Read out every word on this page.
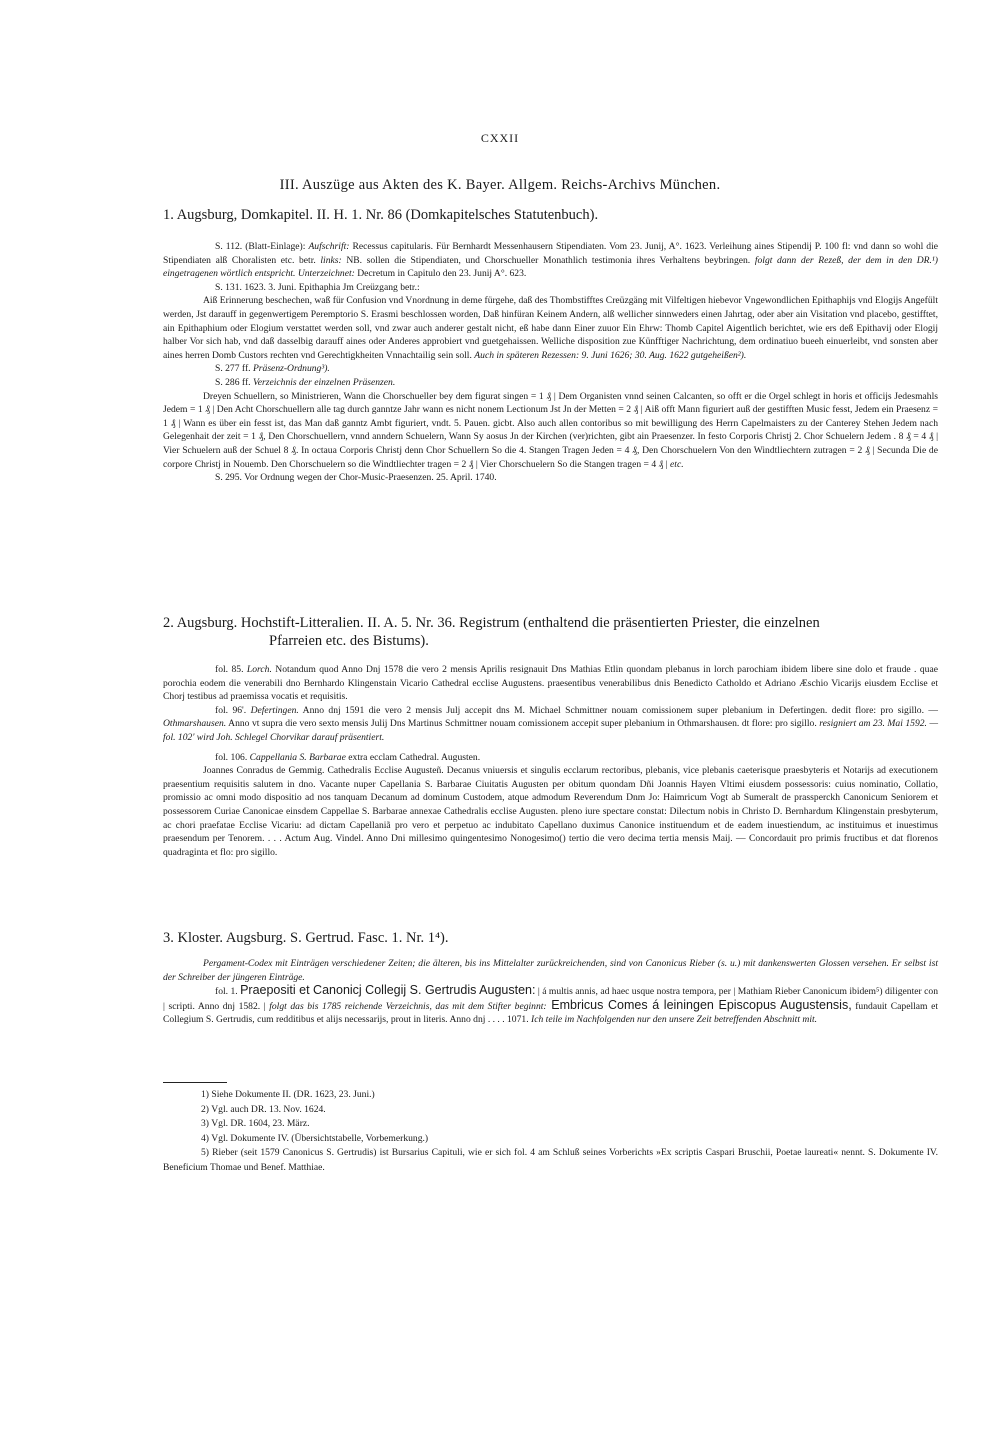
CXXII
III. Auszüge aus Akten des K. Bayer. Allgem. Reichs-Archivs München.
1. Augsburg, Domkapitel. II. H. 1. Nr. 86 (Domkapitelsches Statutenbuch).

S. 112. (Blatt-Einlage): Aufschrift: Recessus capitularis. Für Bernhardt Messenhausern Stipendiaten. Vom 23. Junij, A°. 1623. Verleihung aines Stipendij P. 100 fl: vnd dann so wohl die Stipendiaten alß Choralisten etc. betr. links: NB. sollen die Stipendiaten, und Chorschueller Monathlich testimonia ihres Verhaltens beybringen. folgt dann der Rezeß, der dem in den DR.¹) eingetragenen wörtlich entspricht. Unterzeichnet: Decretum in Capitulo den 23. Junij A°. 623.

S. 131. 1623. 3. Juni. Epithaphia Jm Creüzgang betr.:

Aiß Erinnerung beschechen, waß für Confusion vnd Vnordnung in deme fürgehe, daß des Thombstifftes Creüzgäng mit Vilfeltigen hiebevor Vngewondlichen Epithaphijs vnd Elogijs Angefült werden, Jst darauff in gegenwertigem Peremptorio S. Erasmi beschlossen worden, Daß hinfüran Keinem Andern, alß wellicher sinnweders einen Jahrtag, oder aber ain Visitation vnd placebo, gestifftet, ain Epithaphium oder Elogium verstattet werden soll, vnd zwar auch anderer gestalt nicht, eß habe dann Einer zuuor Ein Ehrw: Thomb Capitel Aigentlich berichtet, wie ers deß Epithavij oder Elogij halber Vor sich hab, vnd daß dasselbig darauff aines oder Anderes approbiert vnd guetgehaissen. Welliche disposition zue Künfftiger Nachrichtung, dem ordinatiuo bueeh einuerleibt, vnd sonsten aber aines herren Domb Custors rechten vnd Gerechtigkheiten Vnnachtailig sein soll. Auch in späteren Rezessen: 9. Juni 1626; 30. Aug. 1622 gutgeheißen²).

S. 277 ff. Präsenz-Ordnung³).

S. 286 ff. Verzeichnis der einzelnen Präsenzen.

Dreyen Schuellern, so Ministrieren, Wann die Chorschueller bey dem figurat singen = 1 ₰ | Dem Organisten vnnd seinen Calcanten, so offt er die Orgel schlegt in horis et officijs Jedesmahls Jedem = 1 ₰ | Den Acht Chorschuellern alle tag durch ganntze Jahr wann es nicht nonem Lectionum Jst Jn der Metten = 2 ₰ | Aiß offt Mann figuriert auß der gestifften Music fesst, Jedem ein Praesenz = 1 ₰ | Wann es über ein fesst ist, das Man daß ganntz Ambt figuriert, vndt. 5. Pauen. gicbt. Also auch allen contoribus so mit bewilligung des Herrn Capelmaisters zu der Canterey Stehen Jedem nach Gelegenhait der zeit = 1 ₰, Den Chorschuellern, vnnd anndern Schuelern, Wann Sy aosus Jn der Kirchen (ver)richten, gibt ain Praesenzer. In festo Corporis Christj 2. Chor Schuelern Jedem . 8 ₰ = 4 ₰ | Vier Schuelern auß der Schuel 8 ₰. In octaua Corporis Christj denn Chor Schuellern So die 4. Stangen Tragen Jeden = 4 ₰, Den Chorschuelern Von den Windtliechtern zutragen = 2 ₰ | Secunda Die de corpore Christj in Nouemb. Den Chorschuelern so die Windtliechter tragen = 2 ₰ | Vier Chorschuelern So die Stangen tragen = 4 ₰ | etc.

S. 295. Vor Ordnung wegen der Chor-Music-Praesenzen. 25. April. 1740.

2. Augsburg. Hochstift-Litteralien. II. A. 5. Nr. 36. Registrum (enthaltend die präsentierten Priester, die einzelnen
Pfarreien etc. des Bistums).

fol. 85. Lorch. Notandum quod Anno Dnj 1578 die vero 2 mensis Aprilis resignauit Dns Mathias Etlin quondam plebanus in lorch parochiam ibidem libere sine dolo et fraude . quae porochia eodem die venerabili dno Bernhardo Klingenstain Vicario Cathedral ecclise Augustens. praesentibus venerabilibus dnis Benedicto Catholdo et Adriano Æschio Vicarijs eiusdem Ecclise et Chorj testibus ad praemissa vocatis et requisitis.

fol. 96'. Defertingen. Anno dnj 1591 die vero 2 mensis Julj accepit dns M. Michael Schmittner nouam comissionem super plebanium in Defertingen. dedit flore: pro sigillo. — Othmarshausen. Anno vt supra die vero sexto mensis Julij Dns Martinus Schmittner nouam comissionem accepit super plebanium in Othmarshausen. dt flore: pro sigillo. resigniert am 23. Mai 1592. — fol. 102' wird Joh. Schlegel Chorvikar darauf präsentiert.

fol. 106. Cappellania S. Barbarae extra ecclam Cathedral. Augusten.

Joannes Conradus de Gemmig. Cathedralis Ecclise Augusteñ. Decanus vniuersis et singulis ecclarum rectoribus, plebanis, vice plebanis caeterisque praesbyteris et Notarijs ad executionem praesentium requisitis salutem in dno. Vacante nuper Capellania S. Barbarae Ciuitatis Augusten per obitum quondam Dñi Joannis Hayen Vltimi eiusdem possessoris: cuius nominatio, Collatio, promissio ac omni modo dispositio ad nos tanquam Decanum ad dominum Custodem, atque admodum Reverendum Dnm Jo: Haimricum Vogt ab Sumeralt de prassperckh Canonicum Seniorem et possessorem Curiae Canonicae einsdem Cappellae S. Barbarae annexae Cathedralis ecclise Augusten. pleno iure spectare constat: Dilectum nobis in Christo D. Bernhardum Klingenstain presbyterum, ac chori praefatae Ecclise Vicariu: ad dictam Capellaniã pro vero et perpetuo ac indubitato Capellano duximus Canonice instituendum et de eadem inuestiendum, ac instituimus et inuestimus praesendum per Tenorem. . . . Actum Aug. Vindel. Anno Dni millesimo quingentesimo Nonogesimo() tertio die vero decima tertia mensis Maij. — Concordauit pro primis fructibus et dat florenos quadraginta et flo: pro sigillo.

3. Kloster. Augsburg. S. Gertrud. Fasc. 1. Nr. 1⁴).

Pergament-Codex mit Einträgen verschiedener Zeiten; die älteren, bis ins Mittelalter zurückreichenden, sind von Canonicus Rieber (s. u.) mit dankenswerten Glossen versehen. Er selbst ist der Schreiber der jüngeren Einträge.

fol. 1. Praepositi et Canonicj Collegij S. Gertrudis Augusten: | á multis annis, ad haec usque nostra tempora, per | Mathiam Rieber Canonicum ibidem⁵) diligenter con | scripti. Anno dnj 1582. | folgt das bis 1785 reichende Verzeichnis, das mit dem Stifter beginnt: Embricus Comes á leiningen Episcopus Augustensis, fundauit Capellam et Collegium S. Gertrudis, cum redditibus et alijs necessarijs, prout in literis. Anno dnj . . . . 1071. Ich teile im Nachfolgenden nur den unsere Zeit betreffenden Abschnitt mit.

1) Siehe Dokumente II. (DR. 1623, 23. Juni.)

2) Vgl. auch DR. 13. Nov. 1624.

3) Vgl. DR. 1604, 23. März.

4) Vgl. Dokumente IV. (Übersichtstabelle, Vorbemerkung.)

5) Rieber (seit 1579 Canonicus S. Gertrudis) ist Bursarius Capituli, wie er sich fol. 4 am Schluß seines Vorberichts »Ex scriptis Caspari Bruschii, Poetae laureati« nennt. S. Dokumente IV. Beneficium Thomae und Benef. Matthiae.
